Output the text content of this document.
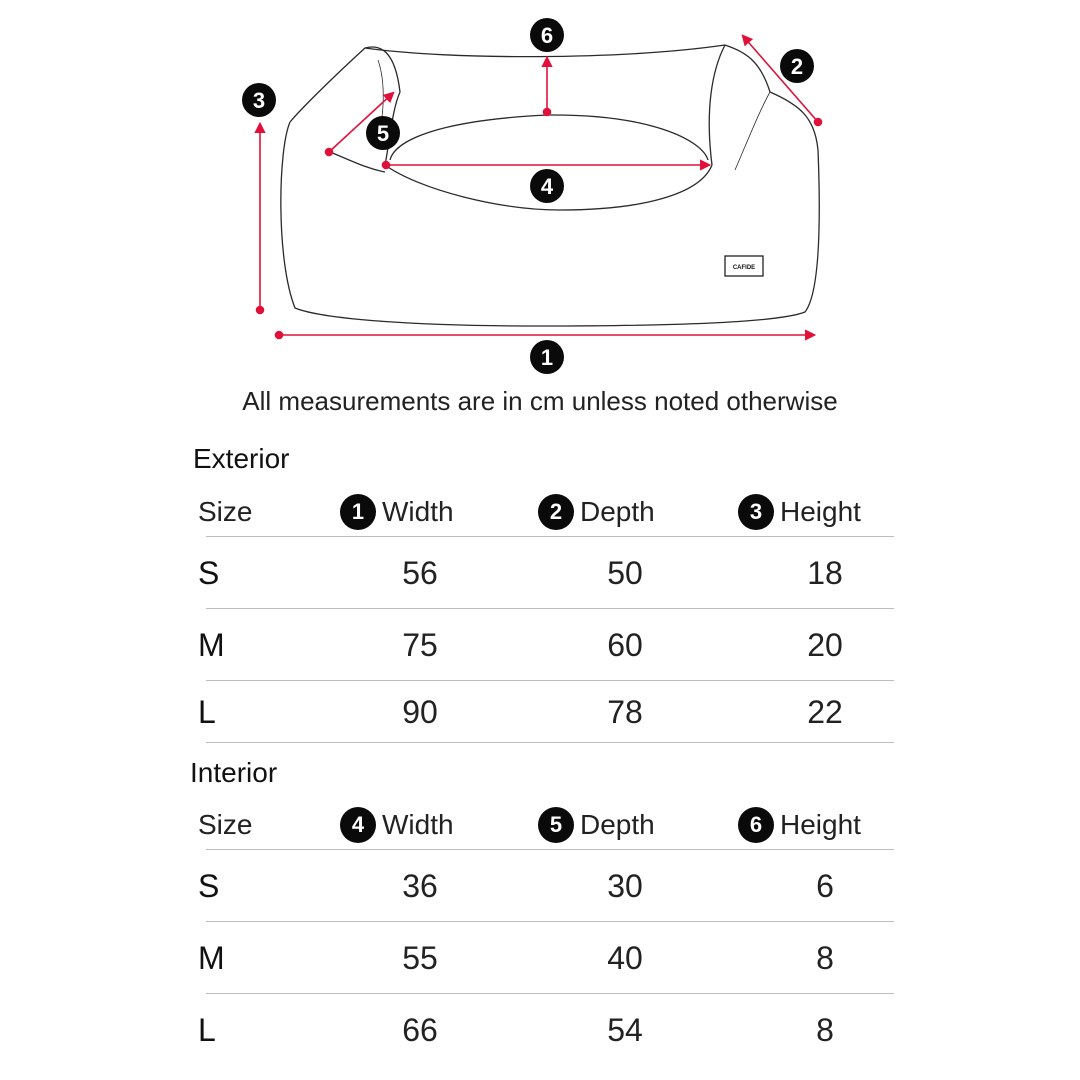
CAFIDE
1
2
3
4
5
6
All measurements are in cm unless noted otherwise
Exterior
Size	1 Width	2 Depth	3 Height
S	56	50	18
M	75	60	20
L	90	78	22
Interior
Size	4 Width	5 Depth	6 Height
S	36	30	6
M	55	40	8
L	66	54	8
